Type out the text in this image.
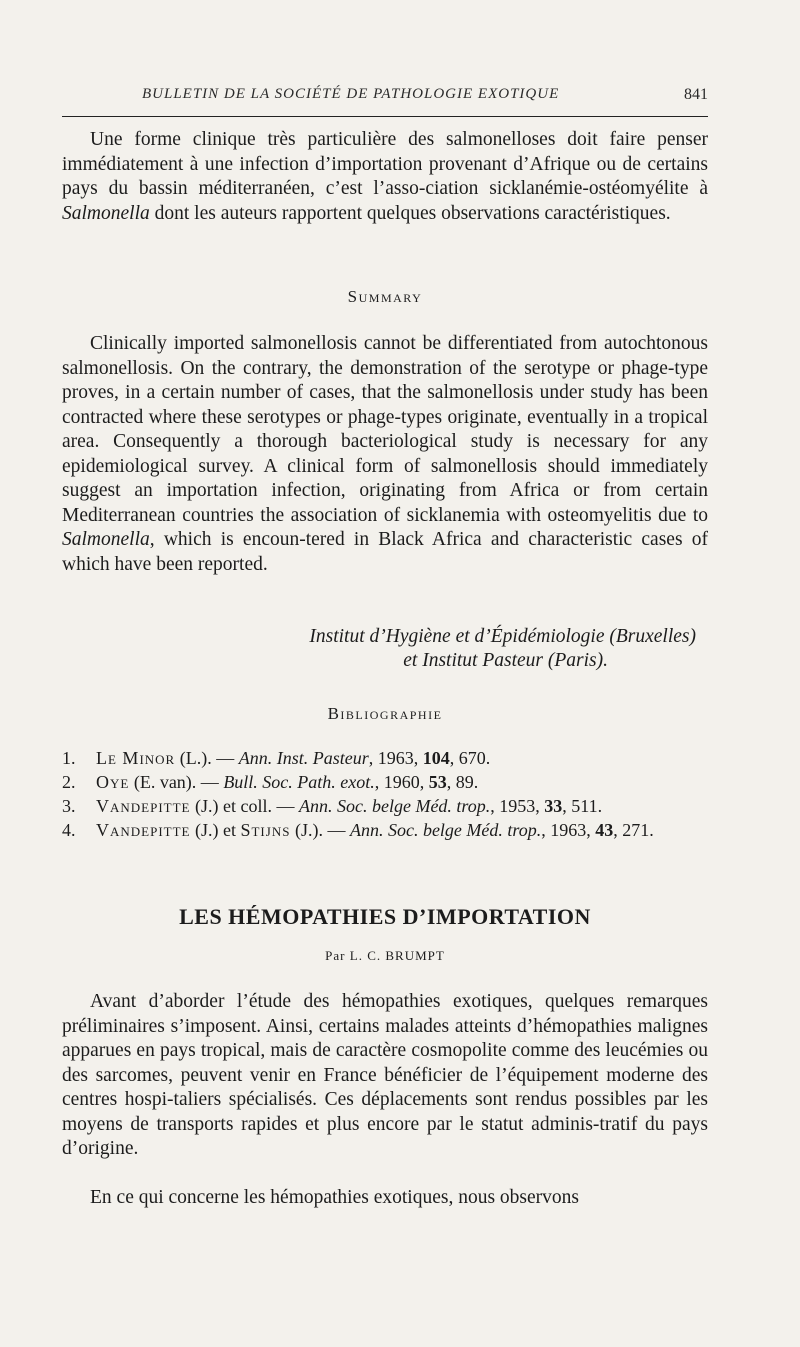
BULLETIN DE LA SOCIÉTÉ DE PATHOLOGIE EXOTIQUE	841

Une forme clinique très particulière des salmonelloses doit faire penser immédiatement à une infection d’importation provenant d’Afrique ou de certains pays du bassin méditerranéen, c’est l’asso-ciation sicklanémie-ostéomyélite à Salmonella dont les auteurs rapportent quelques observations caractéristiques.

Summary

Clinically imported salmonellosis cannot be differentiated from autochtonous salmonellosis. On the contrary, the demonstration of the serotype or phage-type proves, in a certain number of cases, that the salmonellosis under study has been contracted where these serotypes or phage-types originate, eventually in a tropical area. Consequently a thorough bacteriological study is necessary for any epidemiological survey. A clinical form of salmonellosis should immediately suggest an importation infection, originating from Africa or from certain Mediterranean countries the association of sicklanemia with osteomyelitis due to Salmonella, which is encoun-tered in Black Africa and characteristic cases of which have been reported.

Institut d’Hygiène et d’Épidémiologie (Bruxelles)
et Institut Pasteur (Paris).

Bibliographie

1. Le Minor (L.). — Ann. Inst. Pasteur, 1963, 104, 670.
2. Oye (E. van). — Bull. Soc. Path. exot., 1960, 53, 89.
3. Vandepitte (J.) et coll. — Ann. Soc. belge Méd. trop., 1953, 33, 511.
4. Vandepitte (J.) et Stijns (J.). — Ann. Soc. belge Méd. trop., 1963, 43, 271.

LES HÉMOPATHIES D’IMPORTATION

Par L. C. BRUMPT

Avant d’aborder l’étude des hémopathies exotiques, quelques remarques préliminaires s’imposent. Ainsi, certains malades atteints d’hémopathies malignes apparues en pays tropical, mais de caractère cosmopolite comme des leucémies ou des sarcomes, peuvent venir en France bénéficier de l’équipement moderne des centres hospi-taliers spécialisés. Ces déplacements sont rendus possibles par les moyens de transports rapides et plus encore par le statut adminis-tratif du pays d’origine.

En ce qui concerne les hémopathies exotiques, nous observons
